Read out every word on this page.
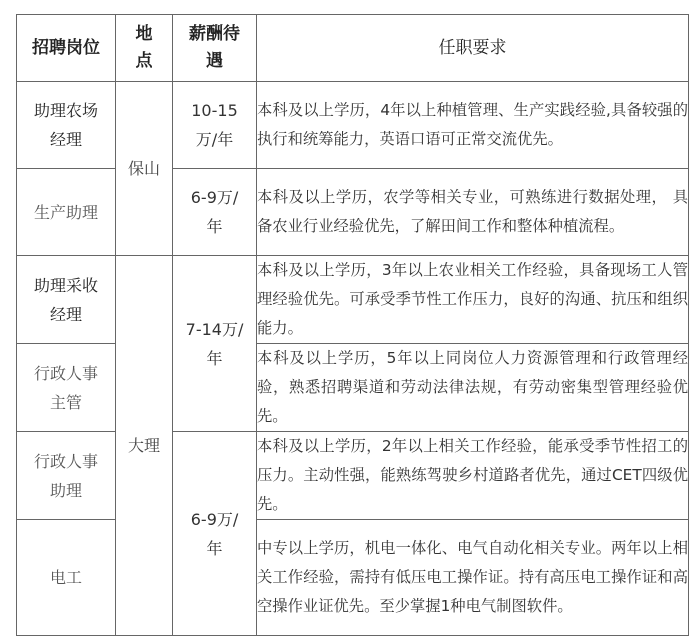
招聘岗位	地点	薪酬待遇	任职要求
助理农场经理	保山	10-15万/年	本科及以上学历，4年以上种植管理、生产实践经验,具备较强的执行和统筹能力，英语口语可正常交流优先。

生产助理		6-9万/年	本科及以上学历，农学等相关专业，可熟练进行数据处理， 具备农业行业经验优先，了解田间工作和整体种植流程。

助理采收经理	大理	7-14万/年	本科及以上学历，3年以上农业相关工作经验，具备现场工人管理经验优先。可承受季节性工作压力，良好的沟通、抗压和组织能力。

行政人事主管			本科及以上学历，5年以上同岗位人力资源管理和行政管理经验，熟悉招聘渠道和劳动法律法规，有劳动密集型管理经验优先。

行政人事助理		6-9万/年	本科及以上学历，2年以上相关工作经验，能承受季节性招工的压力。主动性强，能熟练驾驶乡村道路者优先，通过CET四级优先。

电工			中专以上学历，机电一体化、电气自动化相关专业。两年以上相关工作经验，需持有低压电工操作证。持有高压电工操作证和高空操作业证优先。至少掌握1种电气制图软件。
